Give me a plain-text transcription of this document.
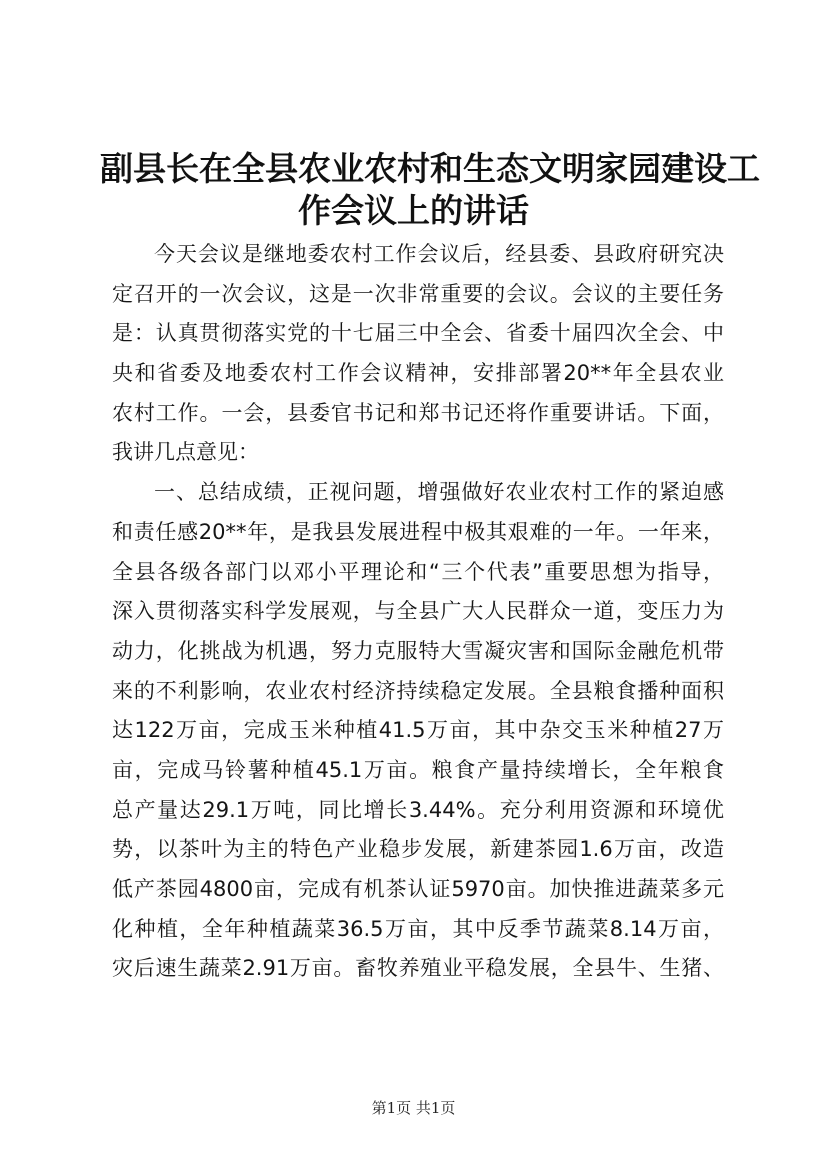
副县长在全县农业农村和生态文明家园建设工
作会议上的讲话
今天会议是继地委农村工作会议后，经县委、县政府研究决
定召开的一次会议，这是一次非常重要的会议。会议的主要任务
是：认真贯彻落实党的十七届三中全会、省委十届四次全会、中
央和省委及地委农村工作会议精神，安排部署20**年全县农业
农村工作。一会，县委官书记和郑书记还将作重要讲话。下面，
我讲几点意见：
一、总结成绩，正视问题，增强做好农业农村工作的紧迫感
和责任感20**年，是我县发展进程中极其艰难的一年。一年来，
全县各级各部门以邓小平理论和“三个代表”重要思想为指导，
深入贯彻落实科学发展观，与全县广大人民群众一道，变压力为
动力，化挑战为机遇，努力克服特大雪凝灾害和国际金融危机带
来的不利影响，农业农村经济持续稳定发展。全县粮食播种面积
达122万亩，完成玉米种植41.5万亩，其中杂交玉米种植27万
亩，完成马铃薯种植45.1万亩。粮食产量持续增长，全年粮食
总产量达29.1万吨，同比增长3.44%。充分利用资源和环境优
势，以茶叶为主的特色产业稳步发展，新建茶园1.6万亩，改造
低产茶园4800亩，完成有机茶认证5970亩。加快推进蔬菜多元
化种植，全年种植蔬菜36.5万亩，其中反季节蔬菜8.14万亩，
灾后速生蔬菜2.91万亩。畜牧养殖业平稳发展，全县牛、生猪、
第1页 共1页
